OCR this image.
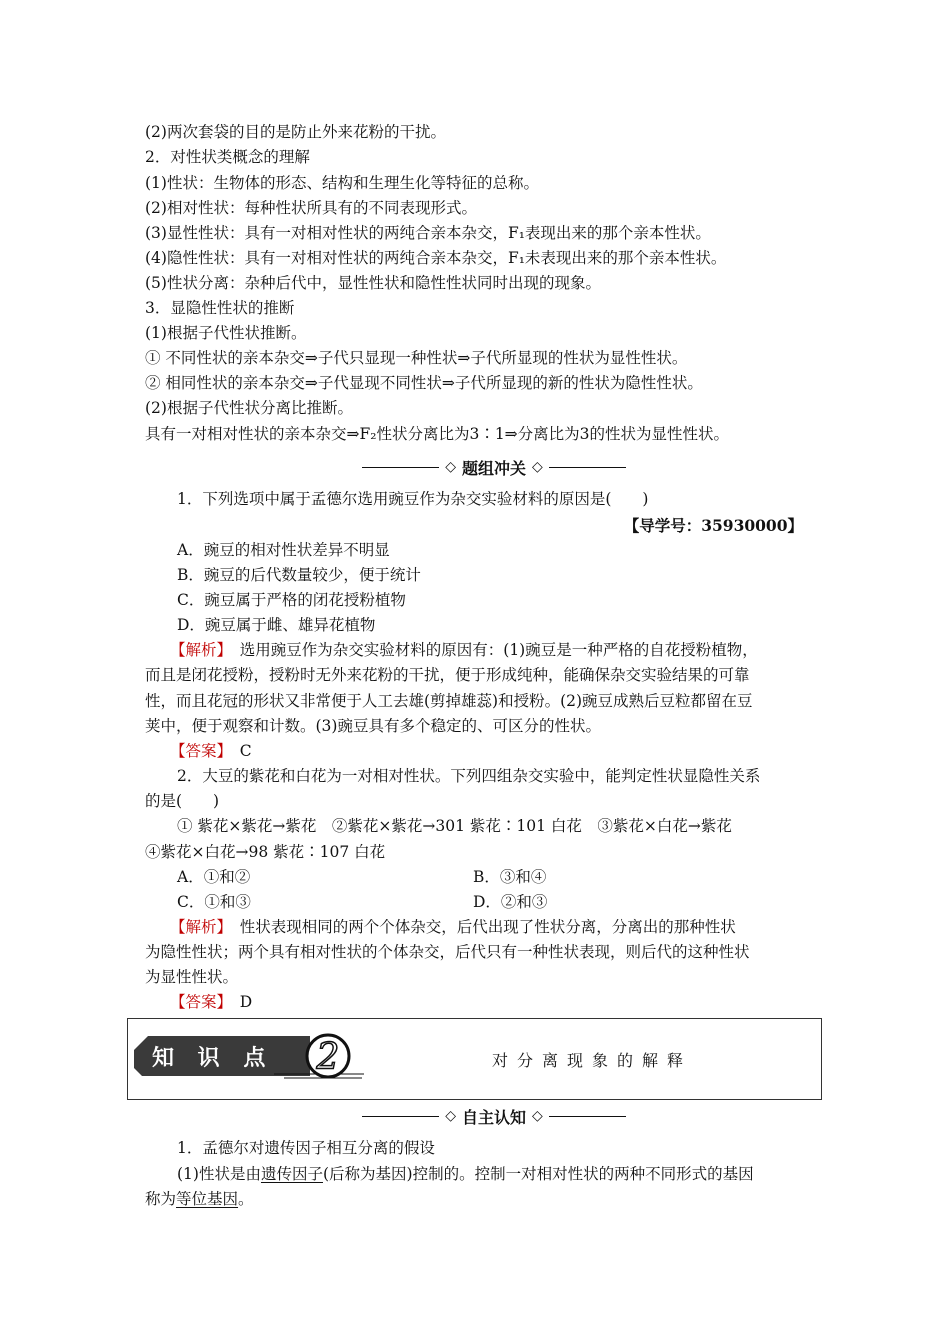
(2)两次套袋的目的是防止外来花粉的干扰。
2．对性状类概念的理解
(1)性状：生物体的形态、结构和生理生化等特征的总称。
(2)相对性状：每种性状所具有的不同表现形式。
(3)显性性状：具有一对相对性状的两纯合亲本杂交，F₁表现出来的那个亲本性状。
(4)隐性性状：具有一对相对性状的两纯合亲本杂交，F₁未表现出来的那个亲本性状。
(5)性状分离：杂种后代中，显性性状和隐性性状同时出现的现象。
3．显隐性性状的推断
(1)根据子代性状推断。
① 不同性状的亲本杂交⇒子代只显现一种性状⇒子代所显现的性状为显性性状。
② 相同性状的亲本杂交⇒子代显现不同性状⇒子代所显现的新的性状为隐性性状。
(2)根据子代性状分离比推断。
具有一对相对性状的亲本杂交⇒F₂性状分离比为3∶1⇒分离比为3的性状为显性性状。
◇ 题组冲关 ◇
1．下列选项中属于孟德尔选用豌豆作为杂交实验材料的原因是(　　)
【导学号：35930000】
A．豌豆的相对性状差异不明显
B．豌豆的后代数量较少，便于统计
C．豌豆属于严格的闭花授粉植物
D．豌豆属于雌、雄异花植物
【解析】　选用豌豆作为杂交实验材料的原因有：(1)豌豆是一种严格的自花授粉植物，
而且是闭花授粉，授粉时无外来花粉的干扰，便于形成纯种，能确保杂交实验结果的可靠
性，而且花冠的形状又非常便于人工去雄(剪掉雄蕊)和授粉。(2)豌豆成熟后豆粒都留在豆
荚中，便于观察和计数。(3)豌豆具有多个稳定的、可区分的性状。
【答案】　C
2．大豆的紫花和白花为一对相对性状。下列四组杂交实验中，能判定性状显隐性关系
的是(　　)
① 紫花×紫花→紫花　②紫花×紫花→301 紫花∶101 白花　③紫花×白花→紫花
④紫花×白花→98 紫花∶107 白花
A．①和②	B．③和④
C．①和③	D．②和③
【解析】　性状表现相同的两个个体杂交，后代出现了性状分离，分离出的那种性状
为隐性性状；两个具有相对性状的个体杂交，后代只有一种性状表现，则后代的这种性状
为显性性状。
【答案】　D
知 识 点 2	对分离现象的解释
◇ 自主认知 ◇
1．孟德尔对遗传因子相互分离的假设
(1)性状是由遗传因子(后称为基因)控制的。控制一对相对性状的两种不同形式的基因
称为等位基因。
